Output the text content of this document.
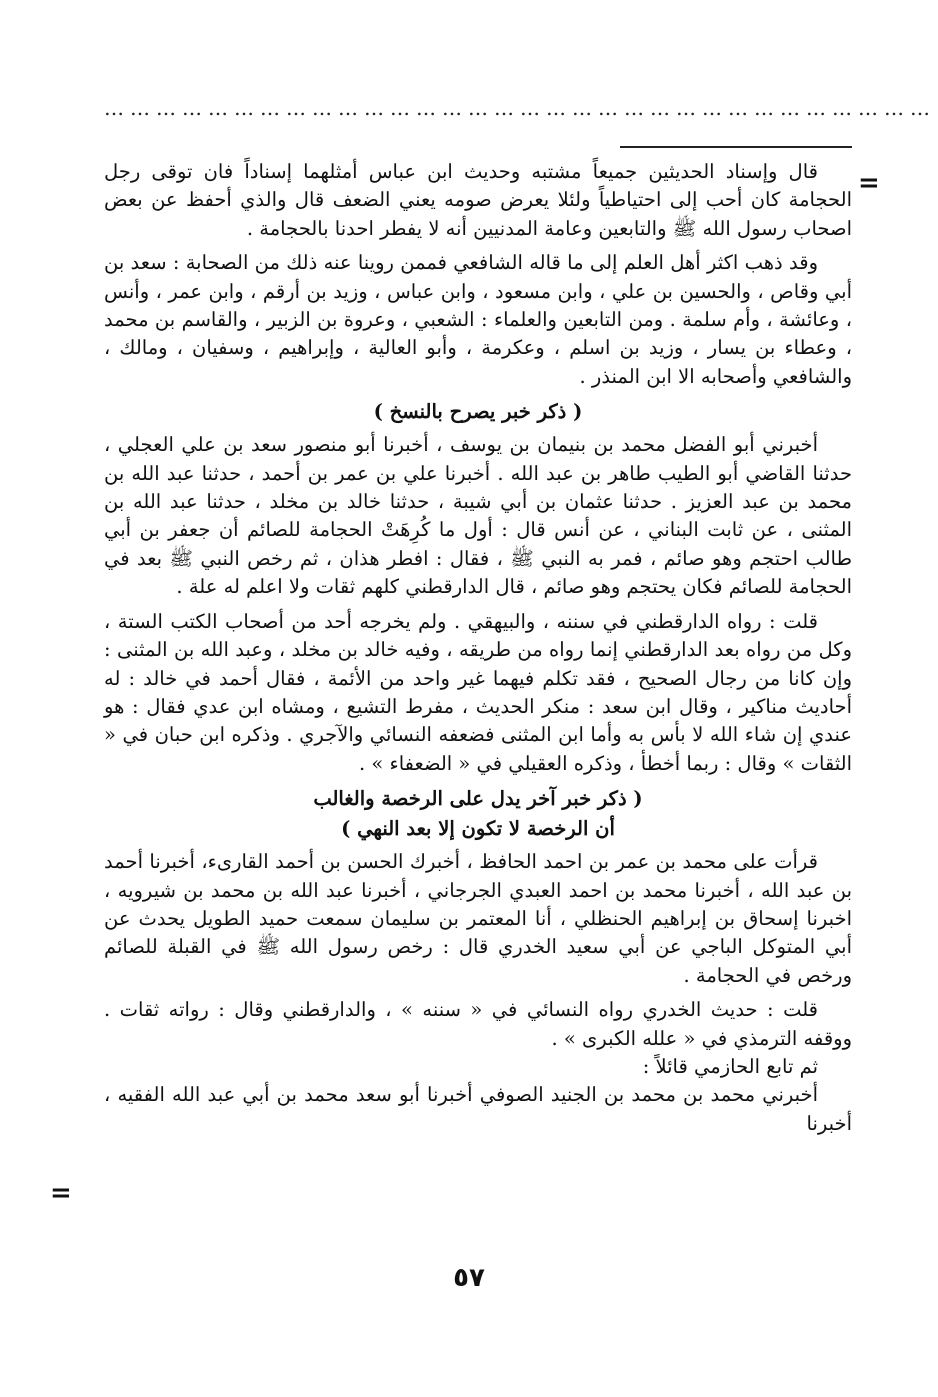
……………………………………………………………………………………
=

قال وإسناد الحديثين جميعاً مشتبه وحديث ابن عباس أمثلهما إسناداً فان توقى رجل الحجامة كان أحب إلى احتياطياً ولئلا يعرض صومه يعني الضعف قال والذي أحفظ عن بعض اصحاب رسول الله ﷺ والتابعين وعامة المدنيين أنه لا يفطر احدنا بالحجامة .

وقد ذهب اكثر أهل العلم إلى ما قاله الشافعي فممن روينا عنه ذلك من الصحابة : سعد بن أبي وقاص ، والحسين بن علي ، وابن مسعود ، وابن عباس ، وزيد بن أرقم ، وابن عمر ، وأنس ، وعائشة ، وأم سلمة . ومن التابعين والعلماء : الشعبي ، وعروة بن الزبير ، والقاسم بن محمد ، وعطاء بن يسار ، وزيد بن اسلم ، وعكرمة ، وأبو العالية ، وإبراهيم ، وسفيان ، ومالك ، والشافعي وأصحابه الا ابن المنذر .

( ذكر خبر يصرح بالنسخ )

أخبرني أبو الفضل محمد بن بنيمان بن يوسف ، أخبرنا أبو منصور سعد بن علي العجلي ، حدثنا القاضي أبو الطيب طاهر بن عبد الله . أخبرنا علي بن عمر بن أحمد ، حدثنا عبد الله بن محمد بن عبد العزيز . حدثنا عثمان بن أبي شيبة ، حدثنا خالد بن مخلد ، حدثنا عبد الله بن المثنى ، عن ثابت البناني ، عن أنس قال : أول ما كُرِهَتْ الحجامة للصائم أن جعفر بن أبي طالب احتجم وهو صائم ، فمر به النبي ﷺ ، فقال : افطر هذان ، ثم رخص النبي ﷺ بعد في الحجامة للصائم فكان يحتجم وهو صائم ، قال الدارقطني كلهم ثقات ولا اعلم له علة .

قلت : رواه الدارقطني في سننه ، والبيهقي . ولم يخرجه أحد من أصحاب الكتب الستة ، وكل من رواه بعد الدارقطني إنما رواه من طريقه ، وفيه خالد بن مخلد ، وعبد الله بن المثنى : وإن كانا من رجال الصحيح ، فقد تكلم فيهما غير واحد من الأئمة ، فقال أحمد في خالد : له أحاديث مناكير ، وقال ابن سعد : منكر الحديث ، مفرط التشيع ، ومشاه ابن عدي فقال : هو عندي إن شاء الله لا بأس به وأما ابن المثنى فضعفه النسائي والآجري . وذكره ابن حبان في « الثقات » وقال : ربما أخطأ ، وذكره العقيلي في « الضعفاء » .

( ذكر خبر آخر يدل على الرخصة والغالب
أن الرخصة لا تكون إلا بعد النهي )

قرأت على محمد بن عمر بن احمد الحافظ ، أخبرك الحسن بن أحمد القارىء، أخبرنا أحمد بن عبد الله ، أخبرنا محمد بن احمد العبدي الجرجاني ، أخبرنا عبد الله بن محمد بن شيرويه ، اخبرنا إسحاق بن إبراهيم الحنظلي ، أنا المعتمر بن سليمان سمعت حميد الطويل يحدث عن أبي المتوكل الباجي عن أبي سعيد الخدري قال : رخص رسول الله ﷺ في القبلة للصائم ورخص في الحجامة .

قلت : حديث الخدري رواه النسائي في « سننه » ، والدارقطني وقال : رواته ثقات . ووقفه الترمذي في « علله الكبرى » .

ثم تابع الحازمي قائلاً :

أخبرني محمد بن محمد بن الجنيد الصوفي أخبرنا أبو سعد محمد بن أبي عبد الله الفقيه ، أخبرنا

=
٥٧
